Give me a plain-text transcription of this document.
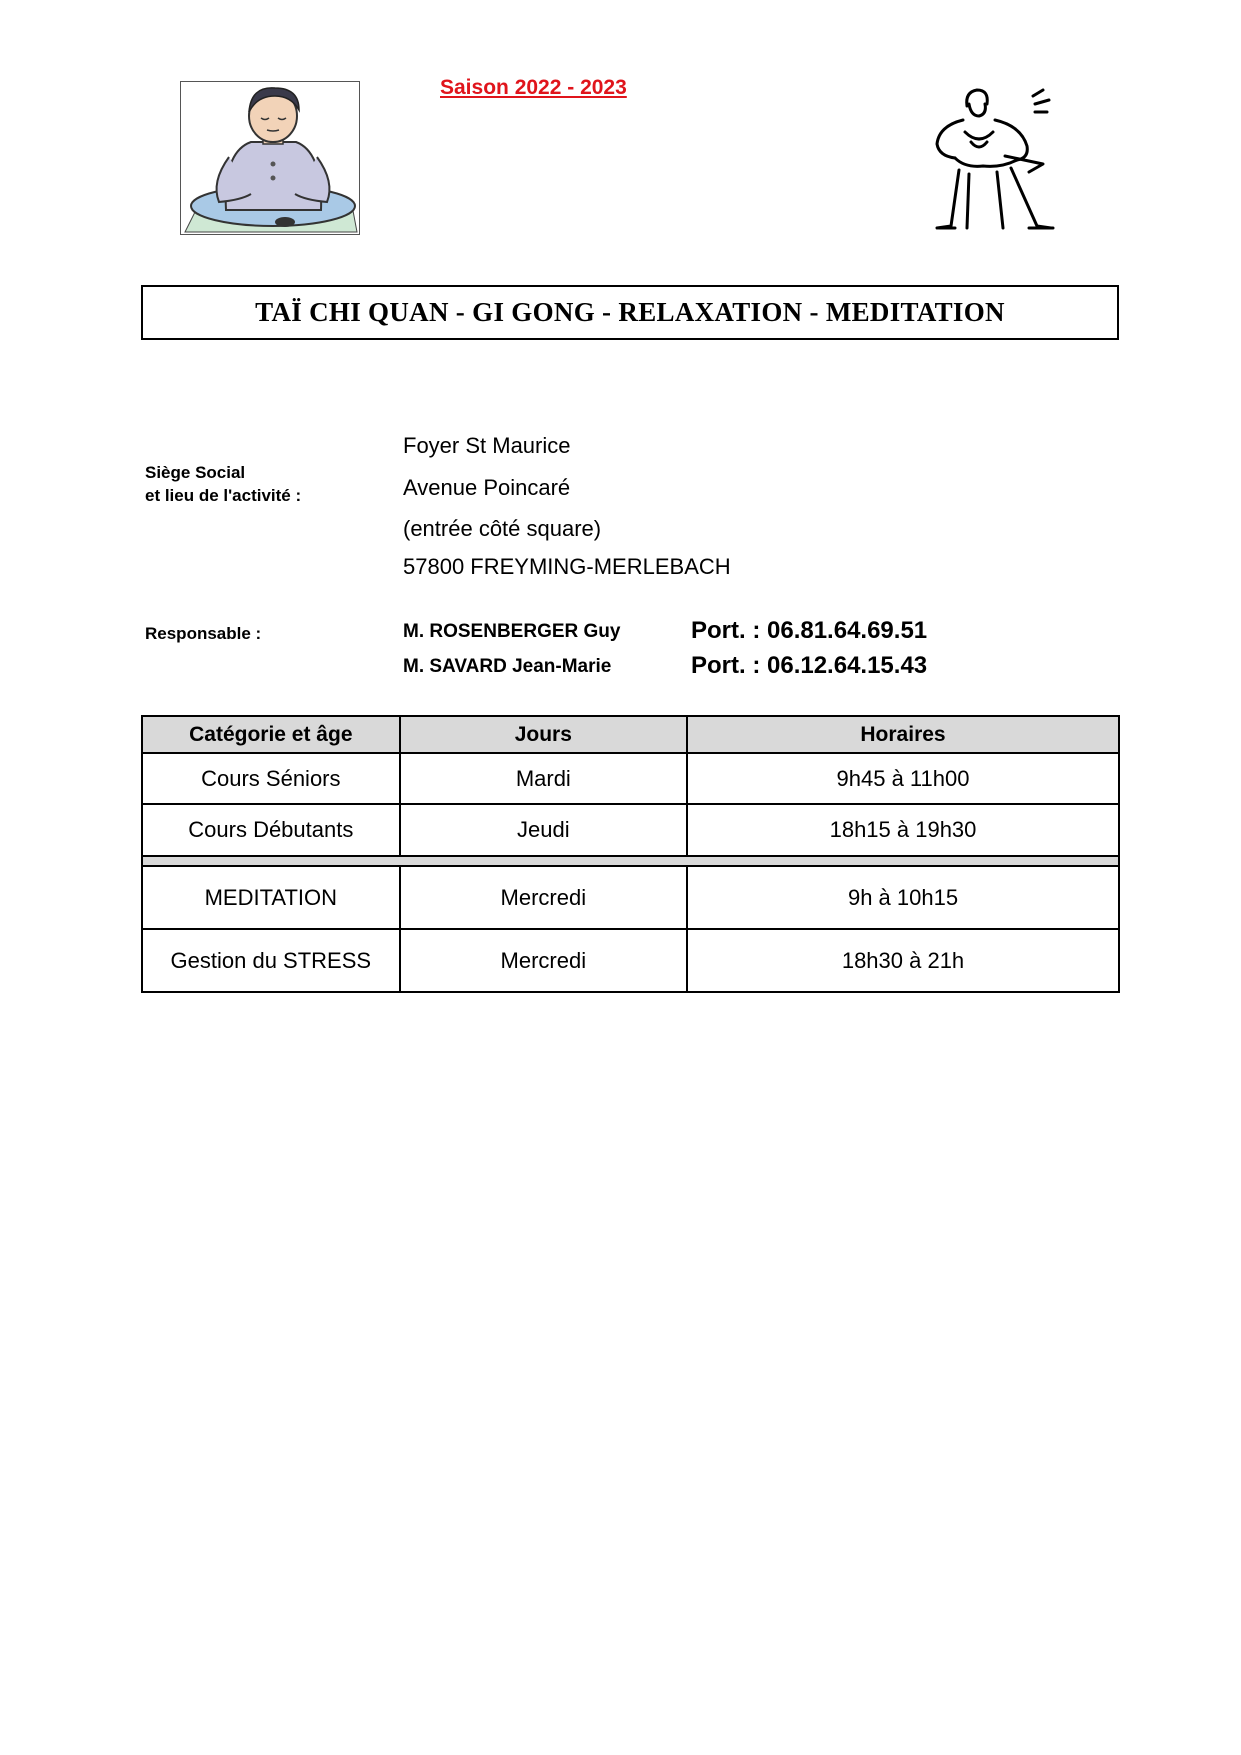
Saison 2022 - 2023
TAÏ CHI QUAN - GI GONG - RELAXATION - MEDITATION
Siège Social
et lieu de l'activité :
Foyer St Maurice
Avenue Poincaré
(entrée côté square)
57800 FREYMING-MERLEBACH
Responsable :	M. ROSENBERGER Guy	Port. : 06.81.64.69.51
M. SAVARD Jean-Marie	Port. : 06.12.64.15.43
Catégorie et âge	Jours	Horaires
Cours Séniors	Mardi	9h45 à 11h00
Cours Débutants	Jeudi	18h15 à 19h30

MEDITATION	Mercredi	9h à 10h15
Gestion du STRESS	Mercredi	18h30 à 21h
